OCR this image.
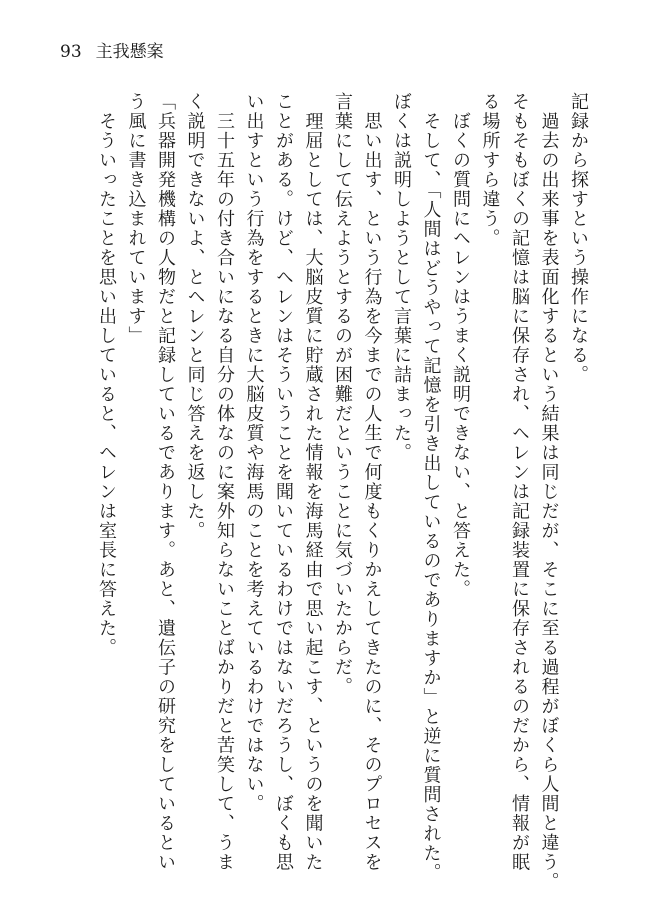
93 主我懸案

記録から探すという操作になる。

　過去の出来事を表面化するという結果は同じだが、そこに至る過程がぼくら人間と違う。

そもそもぼくの記憶は脳に保存され、ヘレンは記録装置に保存されるのだから、情報が眠

る場所すら違う。

　ぼくの質問にヘレンはうまく説明できない、と答えた。

　そして、「人間はどうやって記憶を引き出しているのでありますか」と逆に質問された。

ぼくは説明しようとして言葉に詰まった。

　思い出す、という行為を今までの人生で何度もくりかえしてきたのに、そのプロセスを

言葉にして伝えようとするのが困難だということに気づいたからだ。

　理屈としては、大脳皮質に貯蔵された情報を海馬経由で思い起こす、というのを聞いた

ことがある。けど、ヘレンはそういうことを聞いているわけではないだろうし、ぼくも思

い出すという行為をするときに大脳皮質や海馬のことを考えているわけではない。

　三十五年の付き合いになる自分の体なのに案外知らないことばかりだと苦笑して、うま

く説明できないよ、とヘレンと同じ答えを返した。

「兵器開発機構の人物だと記録しているであります。あと、遺伝子の研究をしているとい

う風に書き込まれています」

　そういったことを思い出していると、ヘレンは室長に答えた。
